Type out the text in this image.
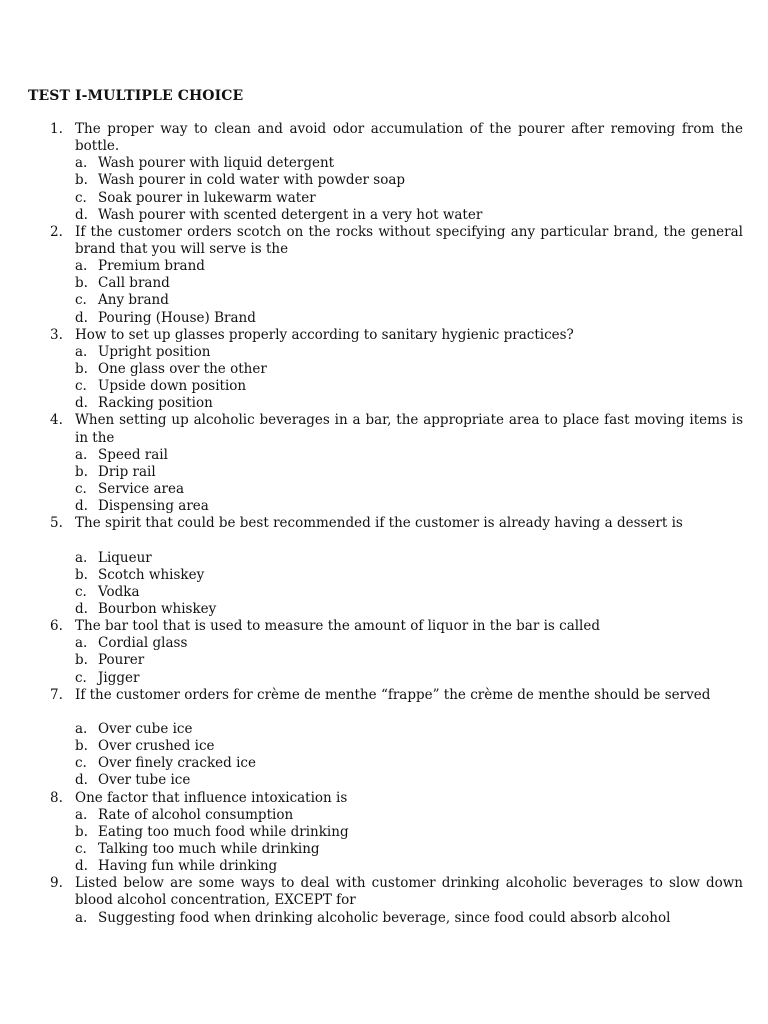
TEST I-MULTIPLE CHOICE
1. The proper way to clean and avoid odor accumulation of the pourer after removing from the bottle.
a. Wash pourer with liquid detergent
b. Wash pourer in cold water with powder soap
c. Soak pourer in lukewarm water
d. Wash pourer with scented detergent in a very hot water
2. If the customer orders scotch on the rocks without specifying any particular brand, the general brand that you will serve is the
a. Premium brand
b. Call brand
c. Any brand
d. Pouring (House) Brand
3. How to set up glasses properly according to sanitary hygienic practices?
a. Upright position
b. One glass over the other
c. Upside down position
d. Racking position
4. When setting up alcoholic beverages in a bar, the appropriate area to place fast moving items is in the
a. Speed rail
b. Drip rail
c. Service area
d. Dispensing area
5. The spirit that could be best recommended if the customer is already having a dessert is
a. Liqueur
b. Scotch whiskey
c. Vodka
d. Bourbon whiskey
6. The bar tool that is used to measure the amount of liquor in the bar is called
a. Cordial glass
b. Pourer
c. Jigger
7. If the customer orders for crème de menthe “frappe” the crème de menthe should be served
a. Over cube ice
b. Over crushed ice
c. Over finely cracked ice
d. Over tube ice
8. One factor that influence intoxication is
a. Rate of alcohol consumption
b. Eating too much food while drinking
c. Talking too much while drinking
d. Having fun while drinking
9. Listed below are some ways to deal with customer drinking alcoholic beverages to slow down blood alcohol concentration, EXCEPT for
a. Suggesting food when drinking alcoholic beverage, since food could absorb alcohol
